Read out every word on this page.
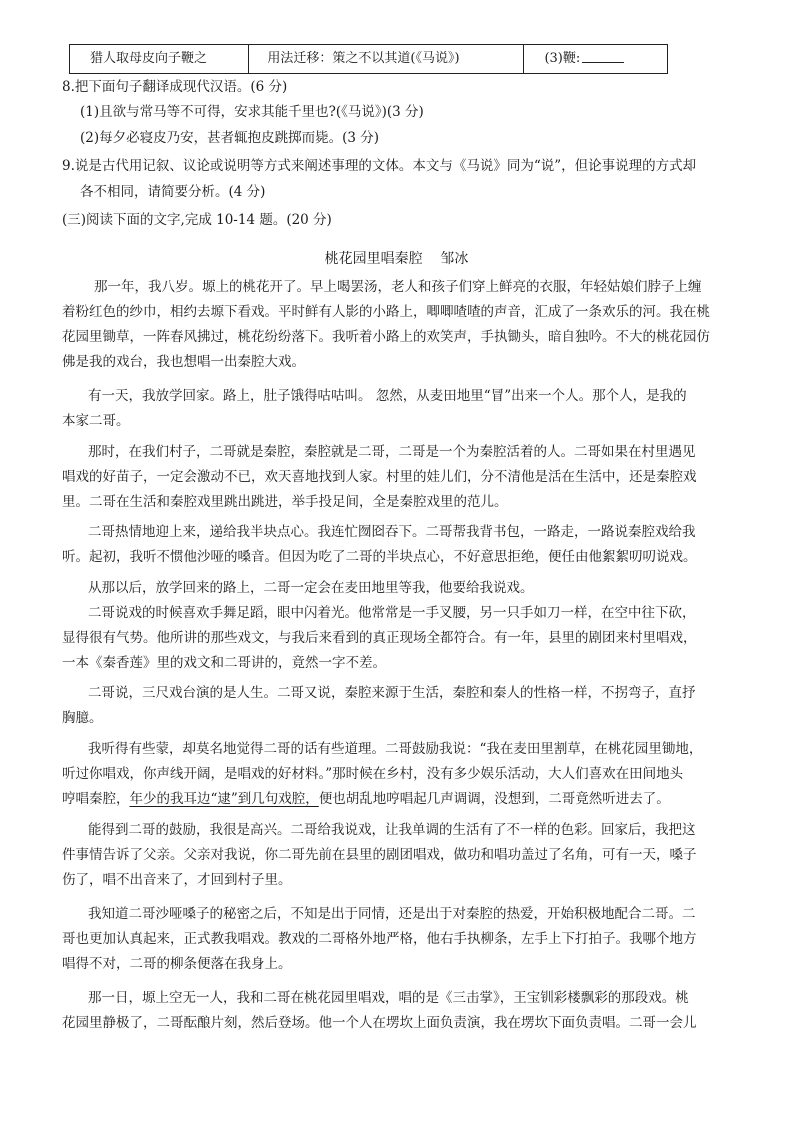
猎人取母皮向子鞭之	用法迁移：策之不以其道(《马说》)	(3)鞭:
8.把下面句子翻译成现代汉语。(6 分)
(1)且欲与常马等不可得，安求其能千里也?(《马说》)(3 分)
(2)每夕必寝皮乃安，甚者辄抱皮跳掷而毙。(3 分)
9.说是古代用记叙、议论或说明等方式来阐述事理的文体。本文与《马说》同为“说”，但论事说理的方式却
各不相同，请简要分析。(4 分)
(三)阅读下面的文字,完成 10-14 题。(20 分)
桃花园里唱秦腔 邹冰
那一年，我八岁。塬上的桃花开了。早上喝罢汤，老人和孩子们穿上鲜亮的衣服，年轻姑娘们脖子上缠
着粉红色的纱巾，相约去塬下看戏。平时鲜有人影的小路上，唧唧喳喳的声音，汇成了一条欢乐的河。我在桃
花园里锄草，一阵春风拂过，桃花纷纷落下。我听着小路上的欢笑声，手执锄头，暗自独吟。不大的桃花园仿
佛是我的戏台，我也想唱一出秦腔大戏。
有一天，我放学回家。路上，肚子饿得咕咕叫。 忽然，从麦田地里“冒”出来一个人。那个人，是我的
本家二哥。
那时，在我们村子，二哥就是秦腔，秦腔就是二哥，二哥是一个为秦腔活着的人。二哥如果在村里遇见
唱戏的好苗子，一定会激动不已，欢天喜地找到人家。村里的娃儿们，分不清他是活在生活中，还是秦腔戏
里。二哥在生活和秦腔戏里跳出跳进，举手投足间，全是秦腔戏里的范儿。
二哥热情地迎上来，递给我半块点心。我连忙囫囵吞下。二哥帮我背书包，一路走，一路说秦腔戏给我
听。起初，我听不惯他沙哑的嗓音。但因为吃了二哥的半块点心，不好意思拒绝，便任由他絮絮叨叨说戏。
从那以后，放学回来的路上，二哥一定会在麦田地里等我，他要给我说戏。
二哥说戏的时候喜欢手舞足蹈，眼中闪着光。他常常是一手叉腰，另一只手如刀一样，在空中往下砍，
显得很有气势。他所讲的那些戏文，与我后来看到的真正现场全都符合。有一年，县里的剧团来村里唱戏，
一本《秦香莲》里的戏文和二哥讲的，竟然一字不差。
二哥说，三尺戏台演的是人生。二哥又说，秦腔来源于生活，秦腔和秦人的性格一样，不拐弯子，直抒
胸臆。
我听得有些蒙，却莫名地觉得二哥的话有些道理。二哥鼓励我说：“我在麦田里割草，在桃花园里锄地，
听过你唱戏，你声线开阔，是唱戏的好材料。”那时候在乡村，没有多少娱乐活动，大人们喜欢在田间地头
哼唱秦腔，年少的我耳边“逮”到几句戏腔，便也胡乱地哼唱起几声调调，没想到，二哥竟然听进去了。
能得到二哥的鼓励，我很是高兴。二哥给我说戏，让我单调的生活有了不一样的色彩。回家后，我把这
件事情告诉了父亲。父亲对我说，你二哥先前在县里的剧团唱戏，做功和唱功盖过了名角，可有一天，嗓子
伤了，唱不出音来了，才回到村子里。
我知道二哥沙哑嗓子的秘密之后，不知是出于同情，还是出于对秦腔的热爱，开始积极地配合二哥。二
哥也更加认真起来，正式教我唱戏。教戏的二哥格外地严格，他右手执柳条，左手上下打拍子。我哪个地方
唱得不对，二哥的柳条便落在我身上。
那一日，塬上空无一人，我和二哥在桃花园里唱戏，唱的是《三击掌》，王宝钏彩楼飘彩的那段戏。桃
花园里静极了，二哥酝酿片刻，然后登场。他一个人在塄坎上面负责演，我在塄坎下面负责唱。二哥一会儿
